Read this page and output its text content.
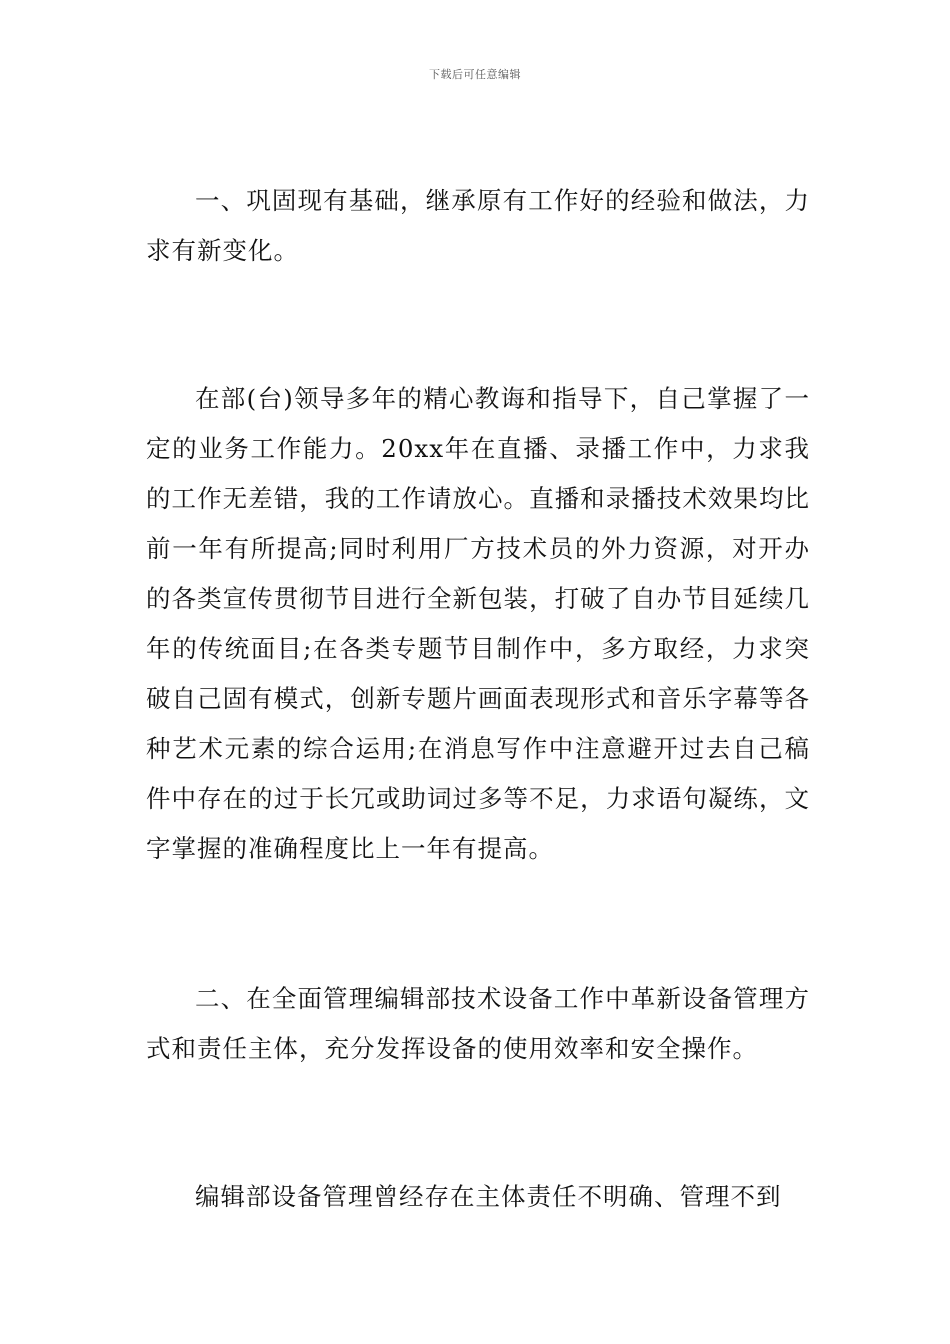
下载后可任意编辑

一、巩固现有基础，继承原有工作好的经验和做法，力求有新变化。

在部(台)领导多年的精心教诲和指导下，自己掌握了一定的业务工作能力。20xx年在直播、录播工作中，力求我的工作无差错，我的工作请放心。直播和录播技术效果均比前一年有所提高;同时利用厂方技术员的外力资源，对开办的各类宣传贯彻节目进行全新包装，打破了自办节目延续几年的传统面目;在各类专题节目制作中，多方取经，力求突破自己固有模式，创新专题片画面表现形式和音乐字幕等各种艺术元素的综合运用;在消息写作中注意避开过去自己稿件中存在的过于长冗或助词过多等不足，力求语句凝练，文字掌握的准确程度比上一年有提高。

二、在全面管理编辑部技术设备工作中革新设备管理方式和责任主体，充分发挥设备的使用效率和安全操作。

编辑部设备管理曾经存在主体责任不明确、管理不到
